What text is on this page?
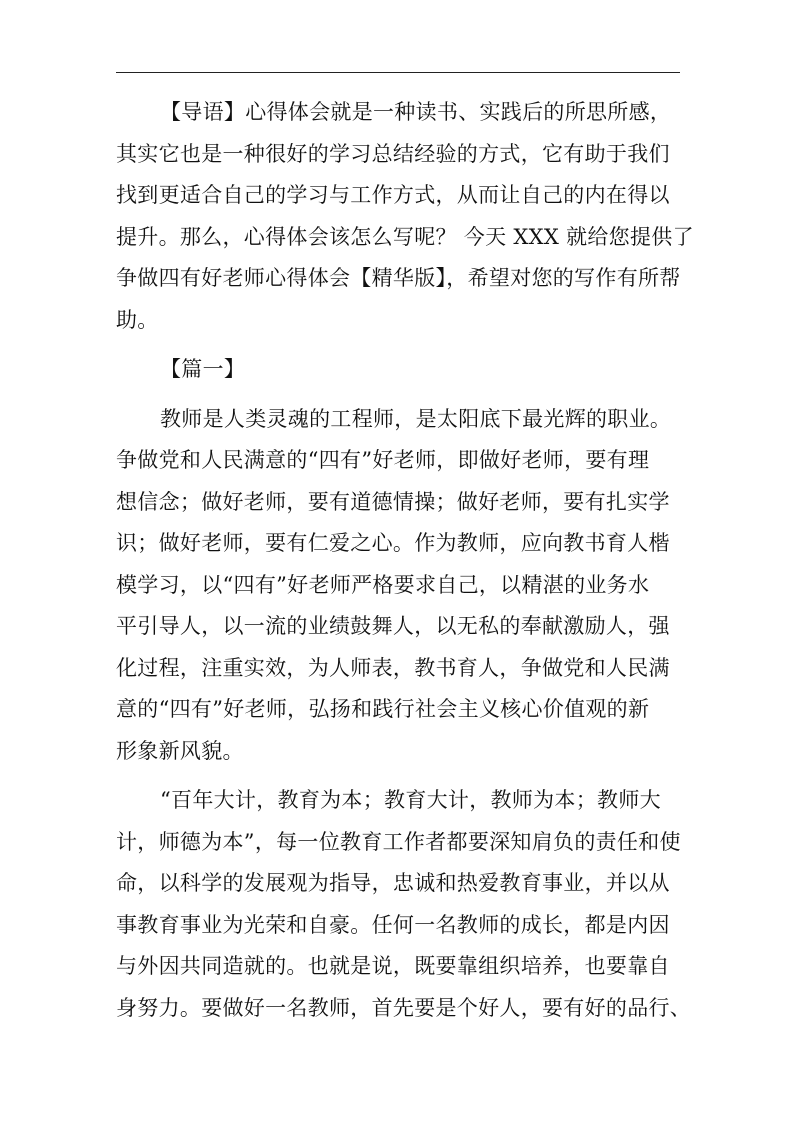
【导语】心得体会就是一种读书、实践后的所思所感，
其实它也是一种很好的学习总结经验的方式，它有助于我们
找到更适合自己的学习与工作方式，从而让自己的内在得以
提升。那么，心得体会该怎么写呢？ 今天 XXX 就给您提供了
争做四有好老师心得体会【精华版】，希望对您的写作有所帮
助。
【篇一】
教师是人类灵魂的工程师，是太阳底下最光辉的职业。
争做党和人民满意的“四有”好老师，即做好老师，要有理
想信念；做好老师，要有道德情操；做好老师，要有扎实学
识；做好老师，要有仁爱之心。作为教师，应向教书育人楷
模学习，以“四有”好老师严格要求自己，以精湛的业务水
平引导人，以一流的业绩鼓舞人，以无私的奉献激励人，强
化过程，注重实效，为人师表，教书育人，争做党和人民满
意的“四有”好老师，弘扬和践行社会主义核心价值观的新
形象新风貌。
“百年大计，教育为本；教育大计，教师为本；教师大
计，师德为本”，每一位教育工作者都要深知肩负的责任和使
命，以科学的发展观为指导，忠诚和热爱教育事业，并以从
事教育事业为光荣和自豪。任何一名教师的成长，都是内因
与外因共同造就的。也就是说，既要靠组织培养，也要靠自
身努力。要做好一名教师，首先要是个好人，要有好的品行、
